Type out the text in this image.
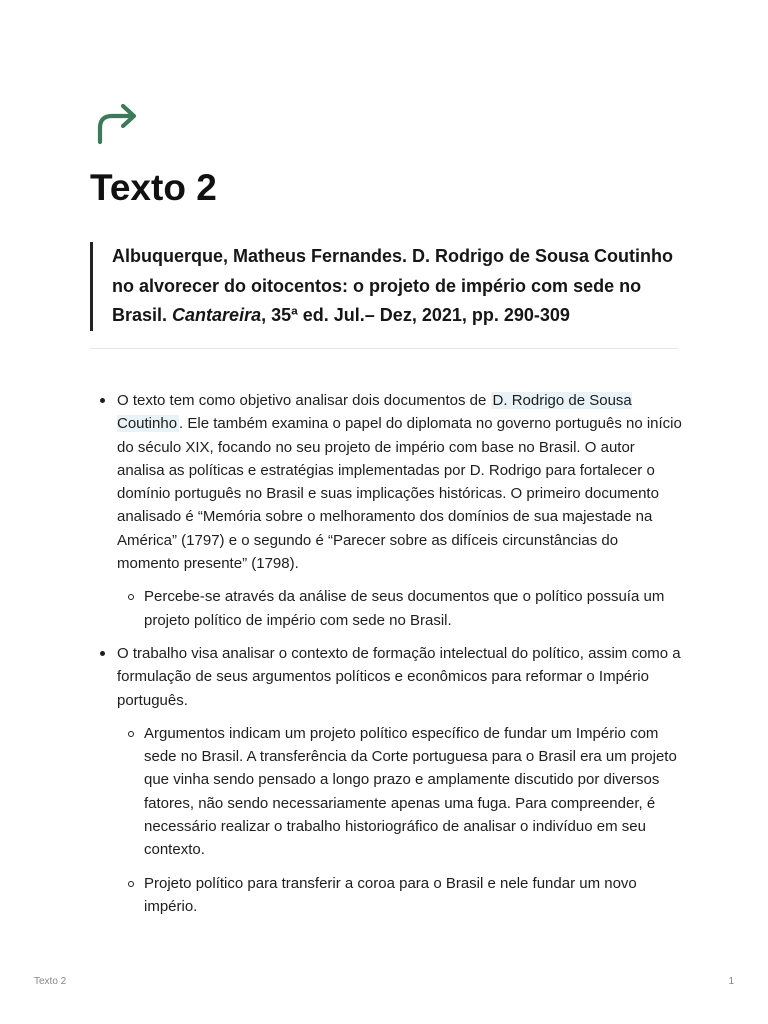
Texto 2
Albuquerque, Matheus Fernandes. D. Rodrigo de Sousa Coutinho no alvorecer do oitocentos: o projeto de império com sede no Brasil. Cantareira, 35ª ed. Jul.– Dez, 2021, pp. 290-309
O texto tem como objetivo analisar dois documentos de D. Rodrigo de Sousa Coutinho . Ele também examina o papel do diplomata no governo português no início do século XIX, focando no seu projeto de império com base no Brasil. O autor analisa as políticas e estratégias implementadas por D. Rodrigo para fortalecer o domínio português no Brasil e suas implicações históricas. O primeiro documento analisado é “Memória sobre o melhoramento dos domínios de sua majestade na América” (1797) e o segundo é “Parecer sobre as difíceis circunstâncias do momento presente” (1798).
Percebe-se através da análise de seus documentos que o político possuía um projeto político de império com sede no Brasil.
O trabalho visa analisar o contexto de formação intelectual do político, assim como a formulação de seus argumentos políticos e econômicos para reformar o Império português.
Argumentos indicam um projeto político específico de fundar um Império com sede no Brasil. A transferência da Corte portuguesa para o Brasil era um projeto que vinha sendo pensado a longo prazo e amplamente discutido por diversos fatores, não sendo necessariamente apenas uma fuga. Para compreender, é necessário realizar o trabalho historiográfico de analisar o indivíduo em seu contexto.
Projeto político para transferir a coroa para o Brasil e nele fundar um novo império.
Texto 2	1
